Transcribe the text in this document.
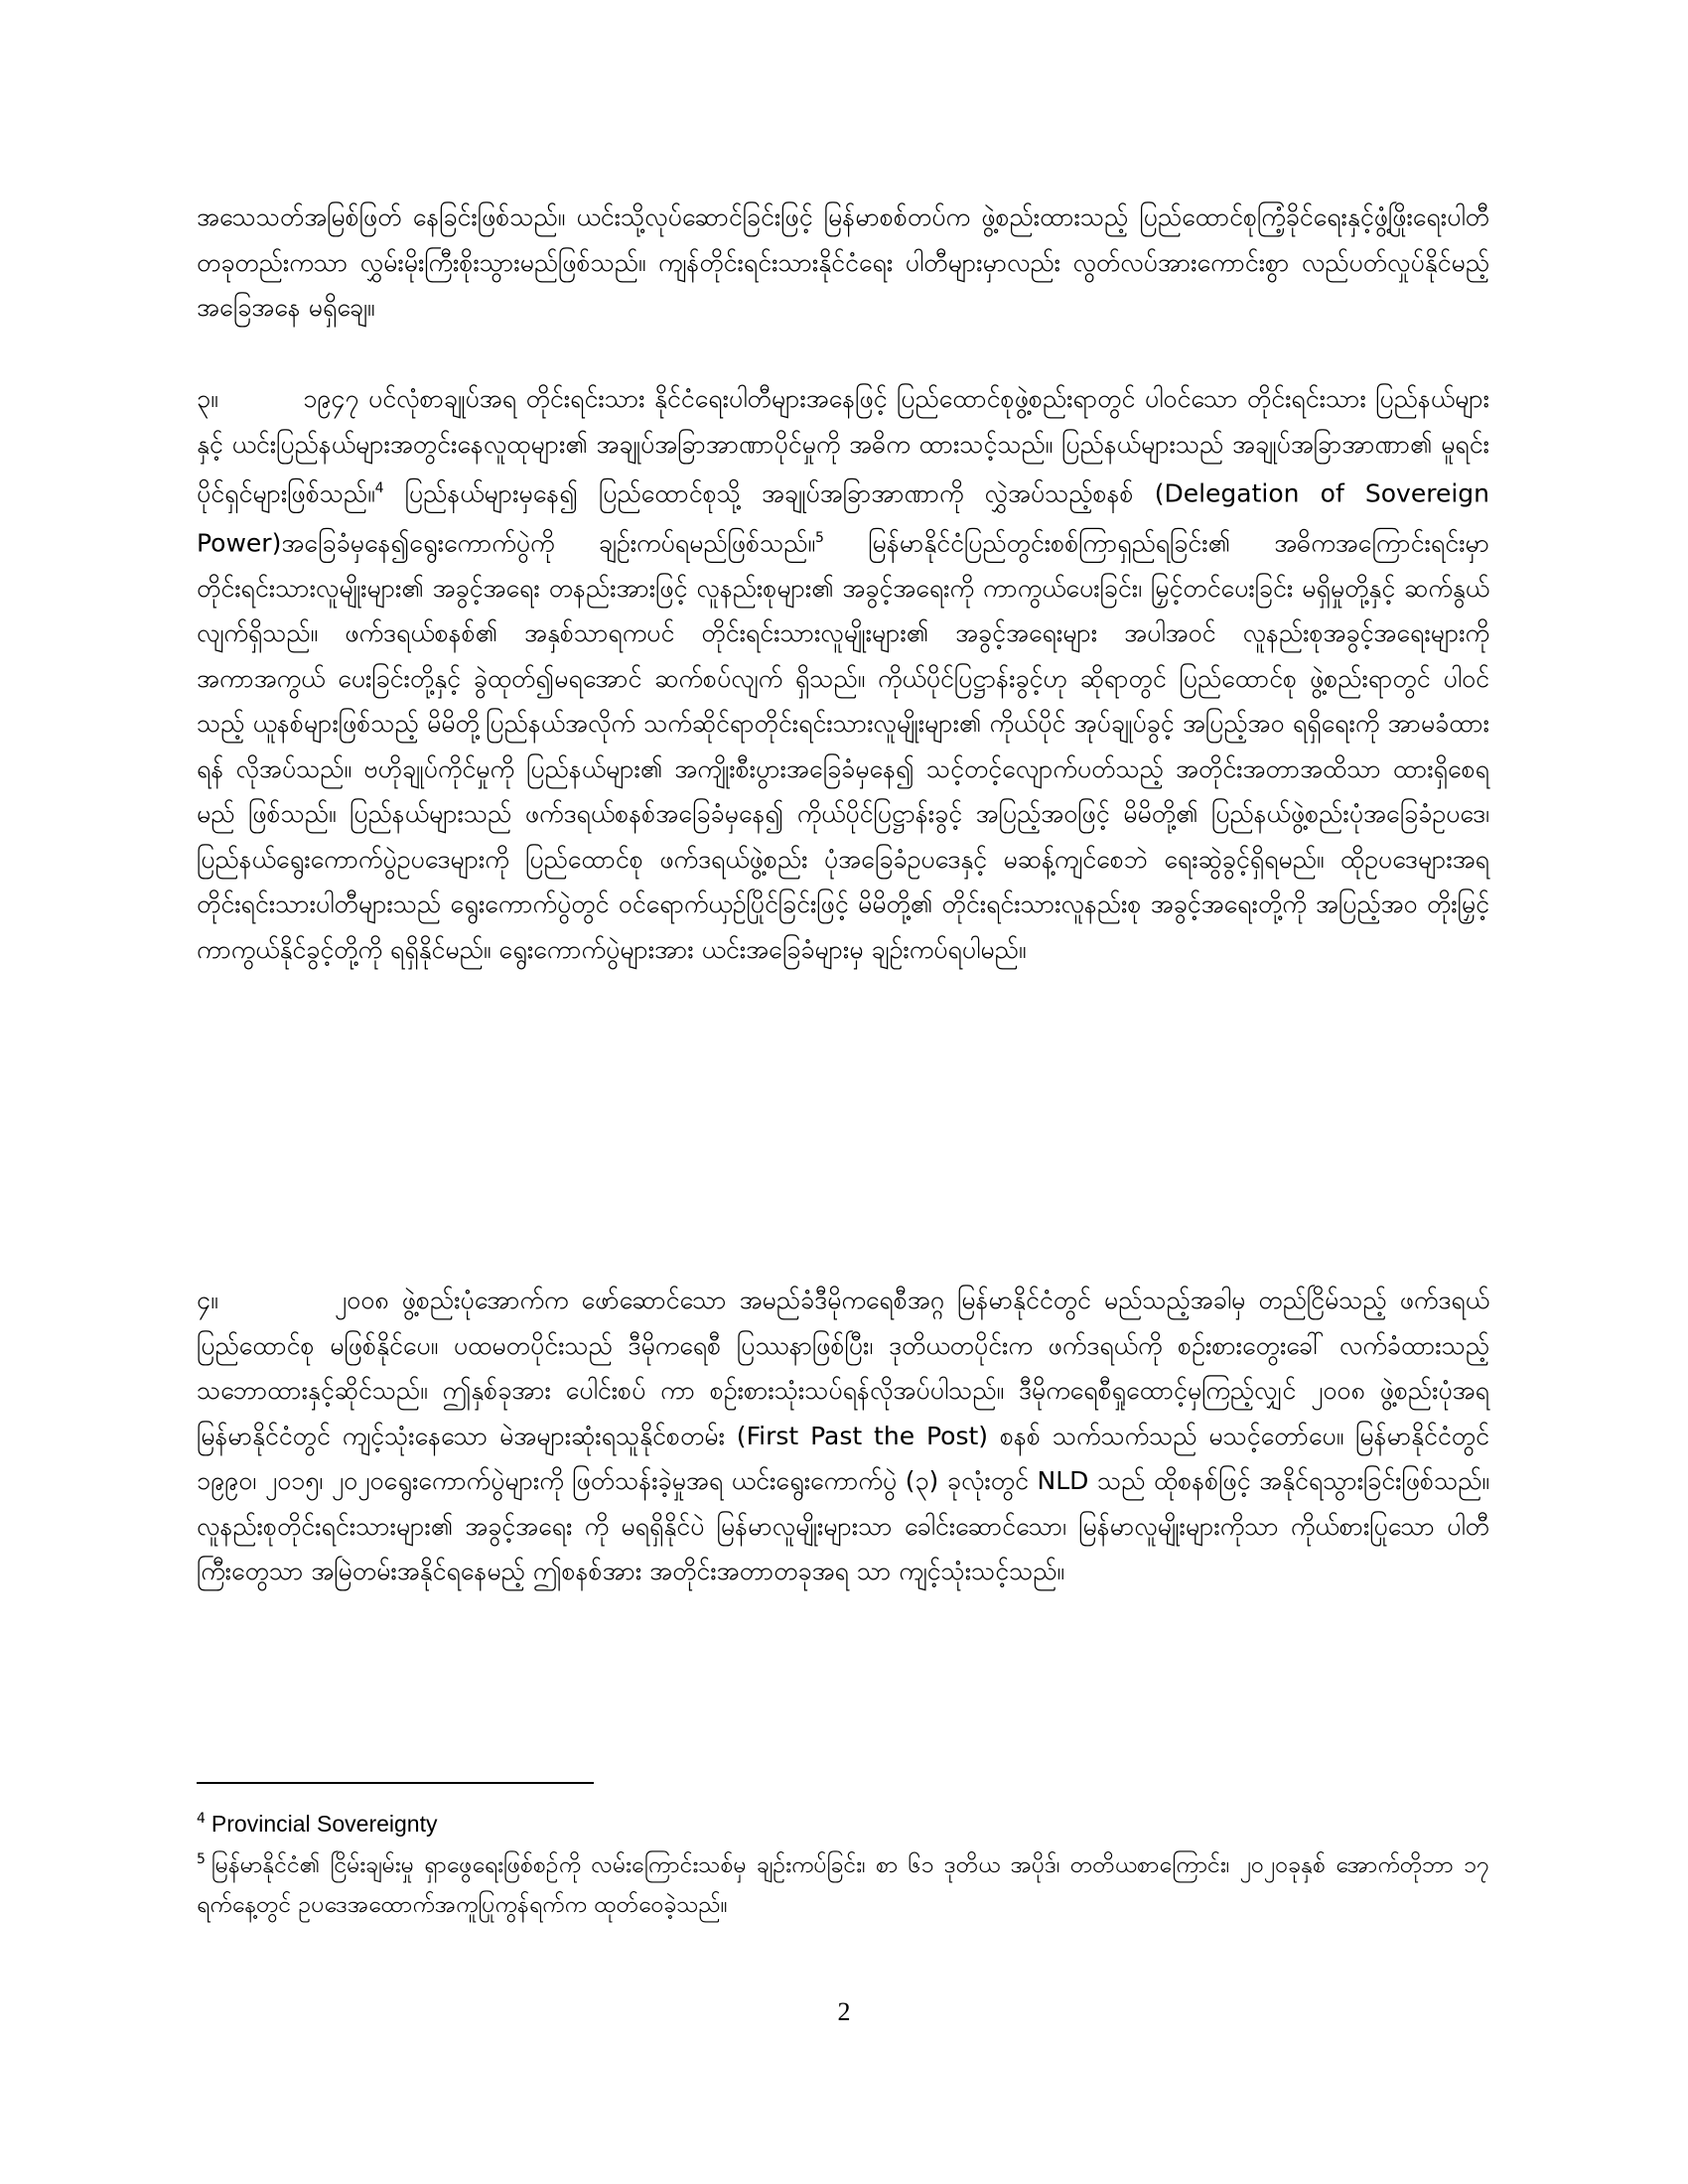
အသေသတ်အမြစ်ဖြတ် နေခြင်းဖြစ်သည်။ ယင်းသို့လုပ်ဆောင်ခြင်းဖြင့် မြန်မာစစ်တပ်က ဖွဲ့စည်းထားသည့် ပြည်ထောင်စုကြံ့ခိုင်ရေးနှင့်ဖွံ့ဖြိုးရေးပါတီ တခုတည်းကသာ လွှမ်းမိုးကြီးစိုးသွားမည်ဖြစ်သည်။ ကျန်တိုင်းရင်းသားနိုင်ငံရေး ပါတီများမှာလည်း လွတ်လပ်အားကောင်းစွာ လည်ပတ်လှုပ်နိုင်မည့် အခြေအနေ မရှိချေ။
၃။	၁၉၄၇ ပင်လုံစာချုပ်အရ တိုင်းရင်းသား နိုင်ငံရေးပါတီများအနေဖြင့် ပြည်ထောင်စုဖွဲ့စည်းရာတွင် ပါဝင်သော တိုင်းရင်းသား ပြည်နယ်များနှင့် ယင်းပြည်နယ်များအတွင်းနေလူထုများ၏ အချုပ်အခြာအာဏာပိုင်မှုကို အဓိက ထားသင့်သည်။ ပြည်နယ်များသည် အချုပ်အခြာအာဏာ၏ မူရင်းပိုင်ရှင်များဖြစ်သည်။$^4$ ပြည်နယ်များမှနေ၍ ပြည်ထောင်စုသို့ အချုပ်အခြာအာဏာကို လွှဲအပ်သည့်စနစ် (Delegation of Sovereign Power)အခြေခံမှနေ၍ရွေးကောက်ပွဲကို ချဉ်းကပ်ရမည်ဖြစ်သည်။$^5$ မြန်မာနိုင်ငံပြည်တွင်းစစ်ကြာရှည်ရခြင်း၏ အဓိကအကြောင်းရင်းမှာ တိုင်းရင်းသားလူမျိုးများ၏ အခွင့်အရေး တနည်းအားဖြင့် လူနည်းစုများ၏ အခွင့်အရေးကို ကာကွယ်ပေးခြင်း၊ မြှင့်တင်ပေးခြင်း မရှိမှုတို့နှင့် ဆက်နွယ်လျက်ရှိသည်။ ဖက်ဒရယ်စနစ်၏ အနှစ်သာရကပင် တိုင်းရင်းသားလူမျိုးများ၏ အခွင့်အရေးများ အပါအဝင် လူနည်းစုအခွင့်အရေးများကို အကာအကွယ် ပေးခြင်းတို့နှင့် ခွဲထုတ်၍မရအောင် ဆက်စပ်လျက် ရှိသည်။ ကိုယ်ပိုင်ပြဋ္ဌာန်းခွင့်ဟု ဆိုရာတွင် ပြည်ထောင်စု ဖွဲ့စည်းရာတွင် ပါဝင်သည့် ယူနစ်များဖြစ်သည့် မိမိတို့ပြည်နယ်အလိုက် သက်ဆိုင်ရာတိုင်းရင်းသားလူမျိုးများ၏ ကိုယ်ပိုင် အုပ်ချုပ်ခွင့် အပြည့်အဝ ရရှိရေးကို အာမခံထားရန် လိုအပ်သည်။ ဗဟိုချုပ်ကိုင်မှုကို ပြည်နယ်များ၏ အကျိုးစီးပွားအခြေခံမှနေ၍ သင့်တင့်လျောက်ပတ်သည့် အတိုင်းအတာအထိသာ ထားရှိစေရမည် ဖြစ်သည်။ ပြည်နယ်များသည် ဖက်ဒရယ်စနစ်အခြေခံမှနေ၍ ကိုယ်ပိုင်ပြဋ္ဌာန်းခွင့် အပြည့်အဝဖြင့် မိမိတို့၏ ပြည်နယ်ဖွဲ့စည်းပုံအခြေခံဥပဒေ၊ ပြည်နယ်ရွေးကောက်ပွဲဥပဒေများကို ပြည်ထောင်စု ဖက်ဒရယ်ဖွဲ့စည်း ပုံအခြေခံဥပဒေနှင့် မဆန့်ကျင်စေဘဲ ရေးဆွဲခွင့်ရှိရမည်။ ထိုဥပဒေများအရ တိုင်းရင်းသားပါတီများသည် ရွေးကောက်ပွဲတွင် ဝင်ရောက်ယှဉ်ပြိုင်ခြင်းဖြင့် မိမိတို့၏ တိုင်းရင်းသားလူနည်းစု အခွင့်အရေးတို့ကို အပြည့်အဝ တိုးမြှင့်ကာကွယ်နိုင်ခွင့်တို့ကို ရရှိနိုင်မည်။ ရွေးကောက်ပွဲများအား ယင်းအခြေခံများမှ ချဉ်းကပ်ရပါမည်။
၄။	၂၀၀၈ ဖွဲ့စည်းပုံအောက်က ဖော်ဆောင်သော အမည်ခံဒီမိုကရေစီအဂ္ဂ မြန်မာနိုင်ငံတွင် မည်သည့်အခါမှ တည်ငြိမ်သည့် ဖက်ဒရယ်ပြည်ထောင်စု မဖြစ်နိုင်ပေ။ ပထမတပိုင်းသည် ဒီမိုကရေစီ ပြဿနာဖြစ်ပြီး၊ ဒုတိယတပိုင်းက ဖက်ဒရယ်ကို စဉ်းစားတွေးခေါ် လက်ခံထားသည့် သဘောထားနှင့်ဆိုင်သည်။ ဤနှစ်ခုအား ပေါင်းစပ် ကာ စဉ်းစားသုံးသပ်ရန်လိုအပ်ပါသည်။ ဒီမိုကရေစီရှုထောင့်မှကြည့်လျှင် ၂၀၀၈ ဖွဲ့စည်းပုံအရ မြန်မာနိုင်ငံတွင် ကျင့်သုံးနေသော မဲအများဆုံးရသူနိုင်စတမ်း (First Past the Post) စနစ် သက်သက်သည် မသင့်တော်ပေ။ မြန်မာနိုင်ငံတွင် ၁၉၉၀၊ ၂၀၁၅၊ ၂၀၂၀ရွေးကောက်ပွဲများကို ဖြတ်သန်းခဲ့မှုအရ ယင်းရွေးကောက်ပွဲ (၃) ခုလုံးတွင် NLD သည် ထိုစနစ်ဖြင့် အနိုင်ရသွားခြင်းဖြစ်သည်။ လူနည်းစုတိုင်းရင်းသားများ၏ အခွင့်အရေး ကို မရရှိနိုင်ပဲ မြန်မာလူမျိုးများသာ ခေါင်းဆောင်သော၊ မြန်မာလူမျိုးများကိုသာ ကိုယ်စားပြုသော ပါတီကြီးတွေသာ အမြဲတမ်းအနိုင်ရနေမည့် ဤစနစ်အား အတိုင်းအတာတခုအရ သာ ကျင့်သုံးသင့်သည်။
$^4$ Provincial Sovereignty
$^5$ မြန်မာနိုင်ငံ၏ ငြိမ်းချမ်းမှု ရှာဖွေရေးဖြစ်စဉ်ကို လမ်းကြောင်းသစ်မှ ချဉ်းကပ်ခြင်း၊ စာ ၆၁ ဒုတိယ အပိုဒ်၊ တတိယစာကြောင်း၊ ၂၀၂၀ခုနှစ် အောက်တိုဘာ ၁၇ ရက်နေ့တွင် ဥပဒေအထောက်အကူပြုကွန်ရက်က ထုတ်ဝေခဲ့သည်။
2
